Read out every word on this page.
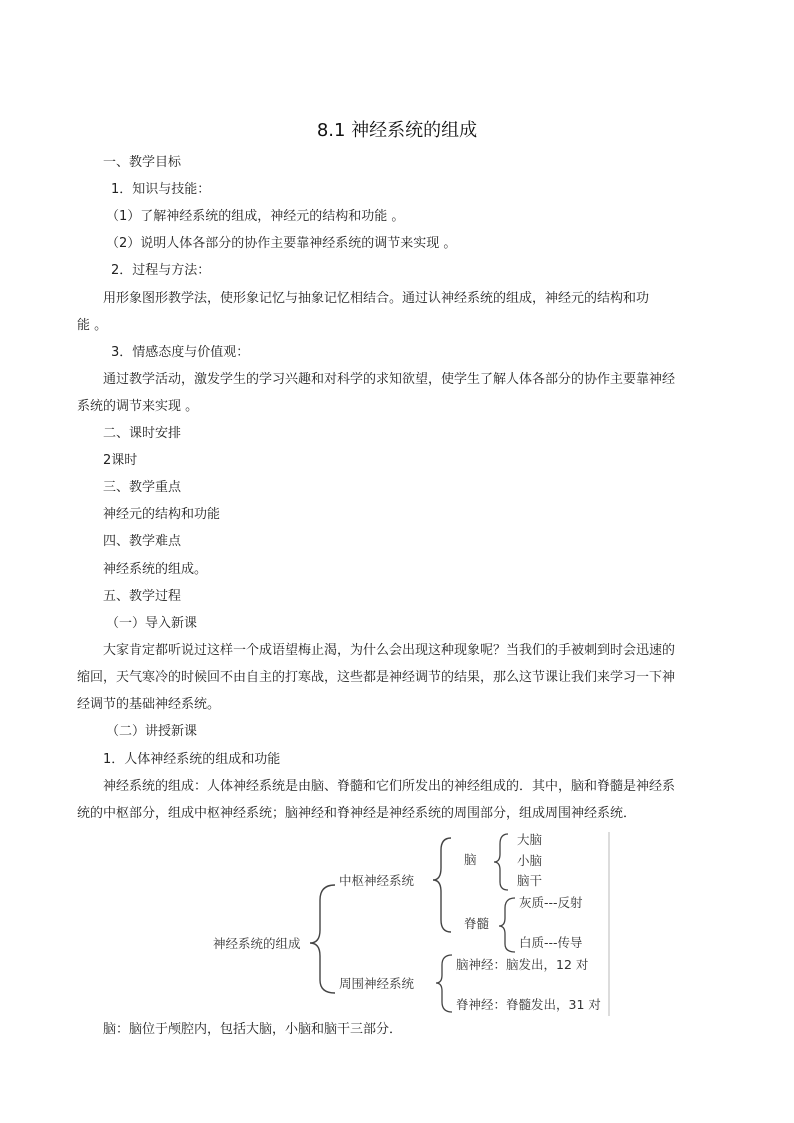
8.1 神经系统的组成
一、教学目标
1．知识与技能：
（1）了解神经系统的组成，神经元的结构和功能 。
（2）说明人体各部分的协作主要靠神经系统的调节来实现 。
2．过程与方法：
用形象图形教学法，使形象记忆与抽象记忆相结合。通过认神经系统的组成，神经元的结构和功
能 。
3．情感态度与价值观：
通过教学活动，激发学生的学习兴趣和对科学的求知欲望，使学生了解人体各部分的协作主要靠神经
系统的调节来实现 。
二、课时安排
2课时
三、教学重点
神经元的结构和功能
四、教学难点
神经系统的组成。
五、教学过程
（一）导入新课
大家肯定都听说过这样一个成语望梅止渴，为什么会出现这种现象呢？当我们的手被刺到时会迅速的
缩回，天气寒冷的时候回不由自主的打寒战，这些都是神经调节的结果，那么这节课让我们来学习一下神
经调节的基础神经系统。
（二）讲授新课
1．人体神经系统的组成和功能
神经系统的组成：人体神经系统是由脑、脊髓和它们所发出的神经组成的．其中，脑和脊髓是神经系
统的中枢部分，组成中枢神经系统；脑神经和脊神经是神经系统的周围部分，组成周围神经系统．
神经系统的组成
中枢神经系统
周围神经系统
脑
脊髓
大脑
小脑
脑干
灰质---反射
白质---传导
脑神经：脑发出，12 对
脊神经：脊髓发出，31 对
脑：脑位于颅腔内，包括大脑，小脑和脑干三部分．
